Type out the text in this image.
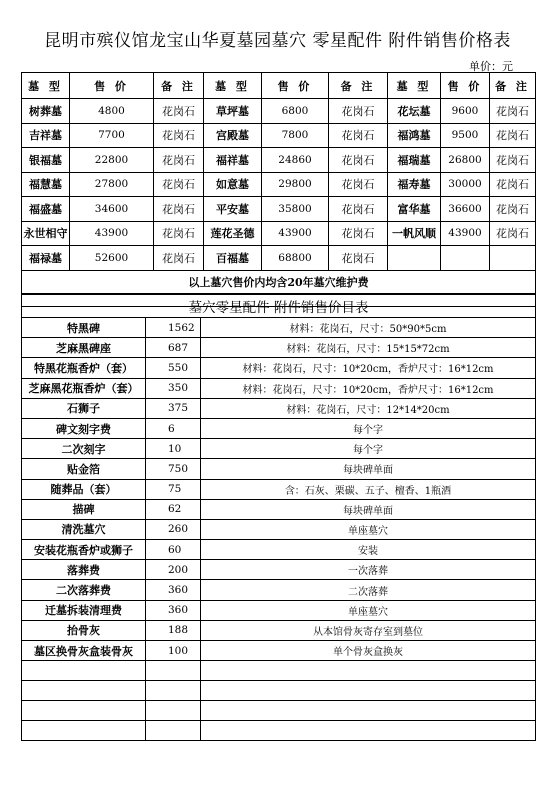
昆明市殡仪馆龙宝山华夏墓园墓穴 零星配件 附件销售价格表
单价：元
墓 型	售 价	备 注	墓 型	售 价	备 注	墓 型	售 价	备 注
树葬墓	4800	花岗石	草坪墓	6800	花岗石	花坛墓	9600	花岗石
吉祥墓	7700	花岗石	宫殿墓	7800	花岗石	福鸿墓	9500	花岗石
银福墓	22800	花岗石	福祥墓	24860	花岗石	福瑞墓	26800	花岗石
福慧墓	27800	花岗石	如意墓	29800	花岗石	福寿墓	30000	花岗石
福盛墓	34600	花岗石	平安墓	35800	花岗石	富华墓	36600	花岗石
永世相守	43900	花岗石	莲花圣德	43900	花岗石	一帆风顺	43900	花岗石
福禄墓	52600	花岗石	百福墓	68800	花岗石			
以上墓穴售价内均含20年墓穴维护费								

墓穴零星配件 附件销售价目表		
特黑碑	1562	材料：花岗石，尺寸：50*90*5cm
芝麻黑碑座	687	材料：花岗石，尺寸：15*15*72cm
特黑花瓶香炉（套）	550	材料：花岗石，尺寸：10*20cm，香炉尺寸：16*12cm
芝麻黑花瓶香炉（套）	350	材料：花岗石，尺寸：10*20cm，香炉尺寸：16*12cm
石狮子	375	材料：花岗石，尺寸：12*14*20cm
碑文刻字费	6	每个字
二次刻字	10	每个字
贴金箔	750	每块碑单面
随葬品（套）	75	含：石灰、栗碳、五子、檀香、1瓶酒
描碑	62	每块碑单面
清洗墓穴	260	单座墓穴
安装花瓶香炉或狮子	60	安装
落葬费	200	一次落葬
二次落葬费	360	二次落葬
迁墓拆装清理费	360	单座墓穴
抬骨灰	188	从本馆骨灰寄存室到墓位
墓区换骨灰盒装骨灰	100	单个骨灰盒换灰
